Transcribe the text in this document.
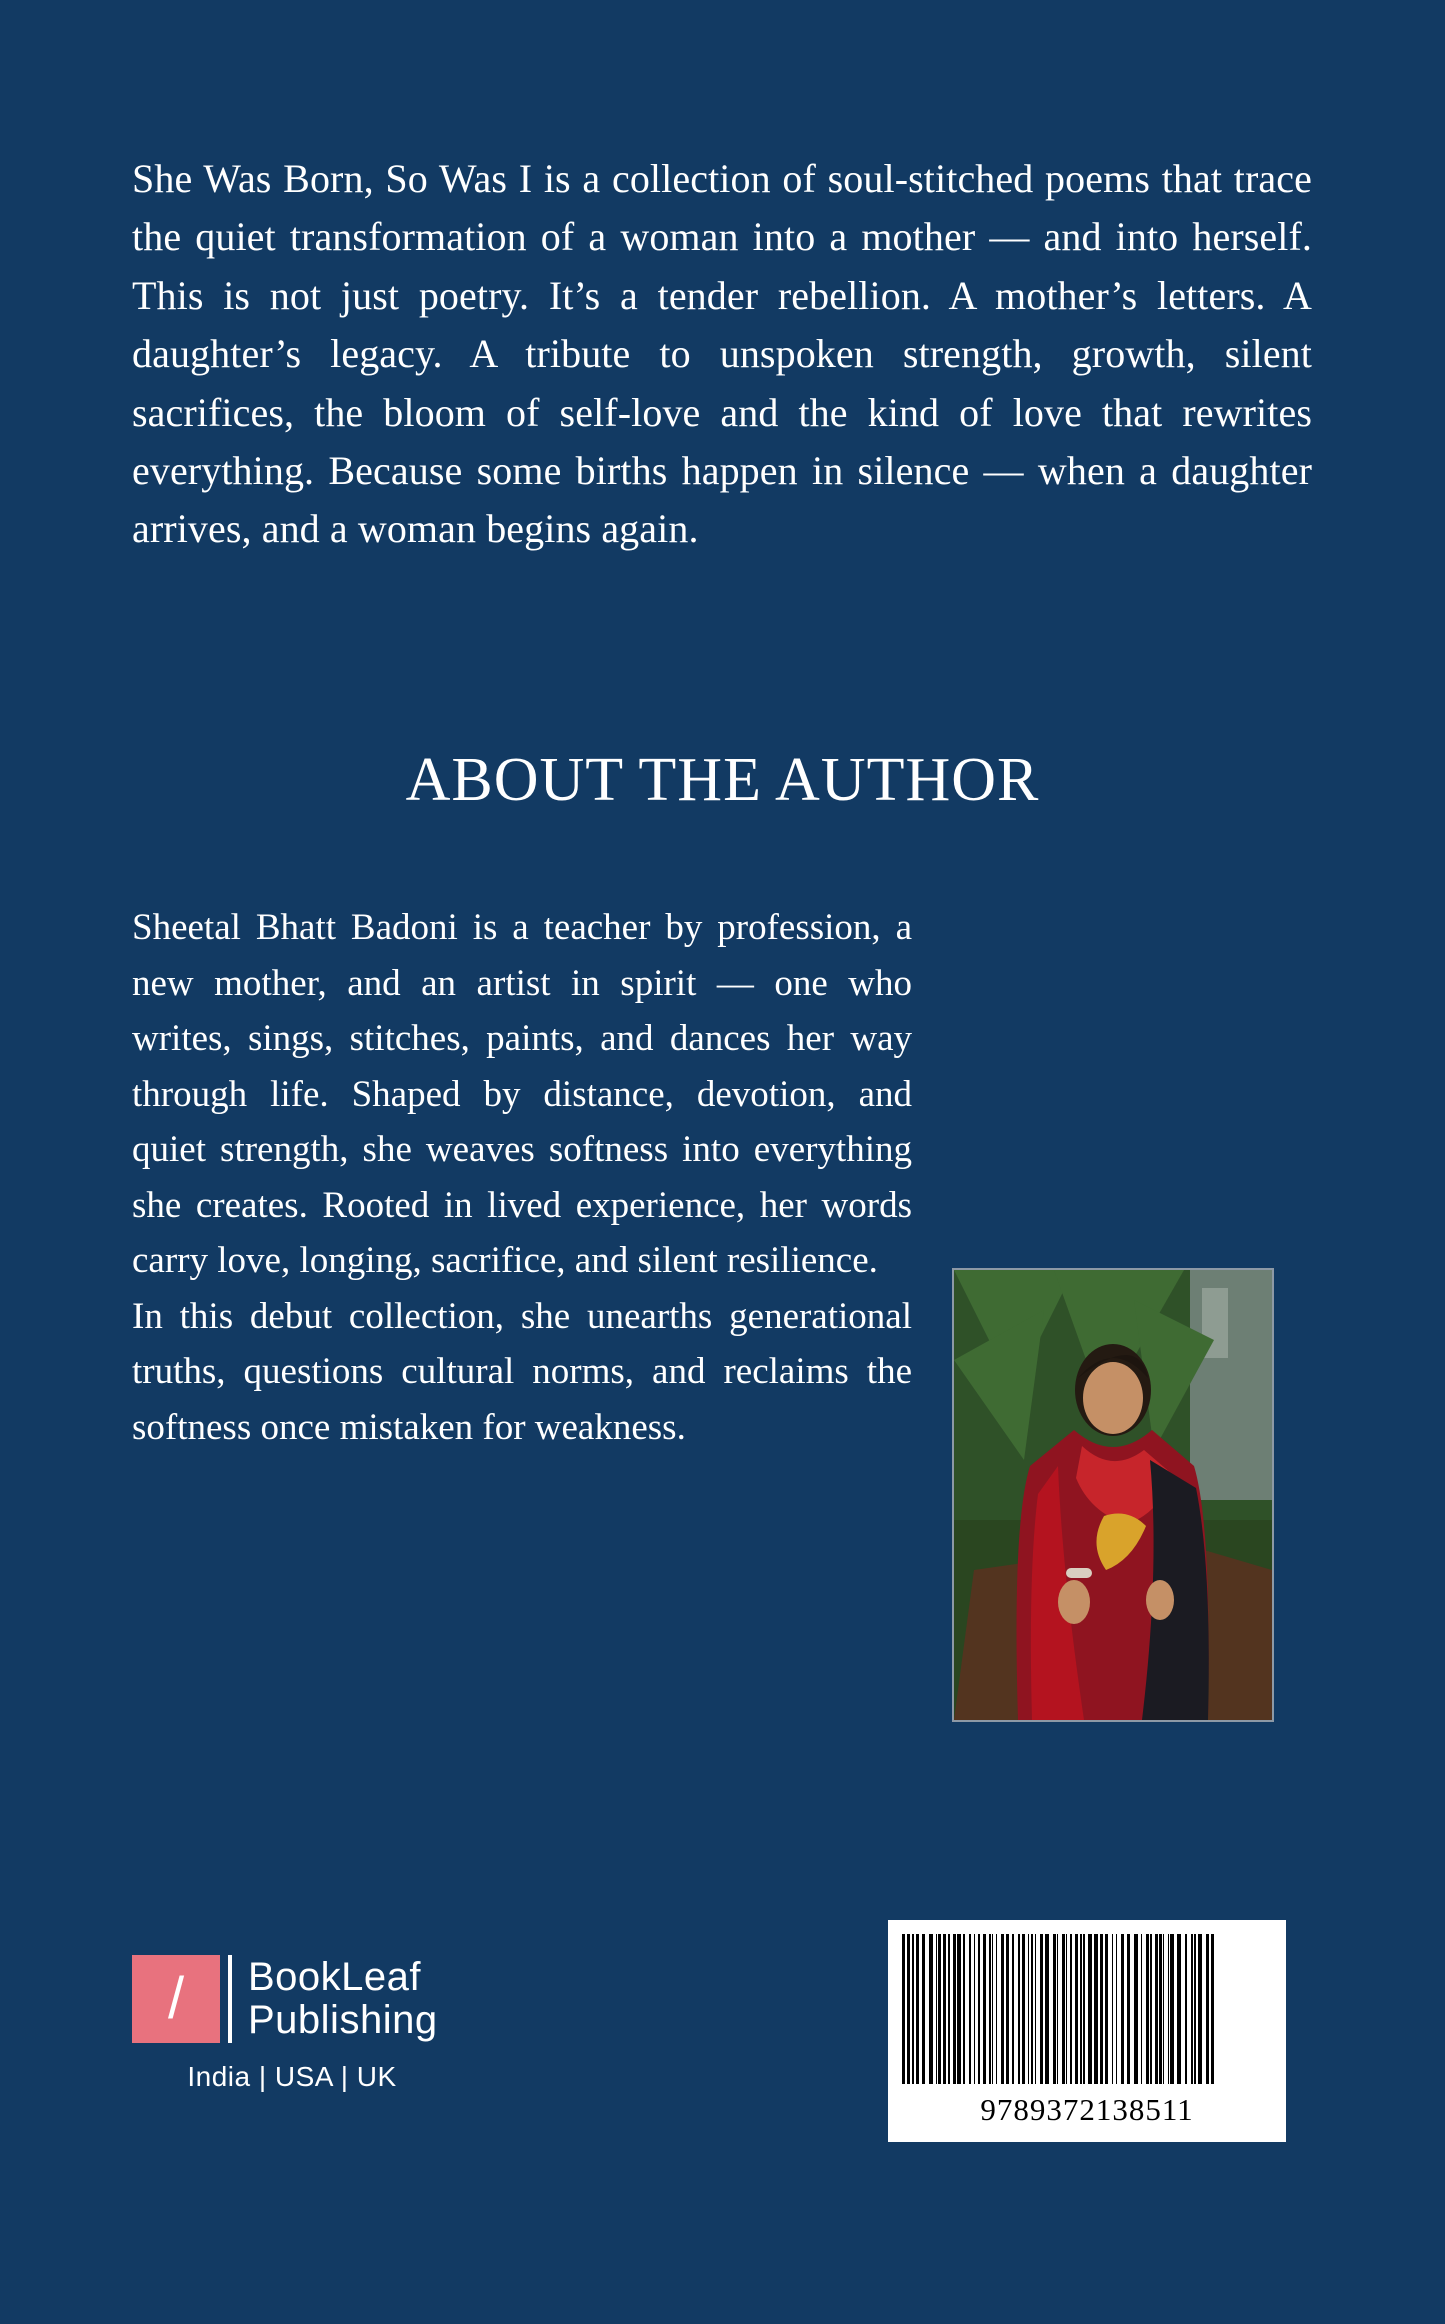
She Was Born, So Was I is a collection of soul-stitched poems that trace the quiet transformation of a woman into a mother — and into herself. This is not just poetry. It’s a tender rebellion. A mother’s letters. A daughter’s legacy. A tribute to unspoken strength, growth, silent sacrifices, the bloom of self-love and the kind of love that rewrites everything. Because some births happen in silence — when a daughter arrives, and a woman begins again.
ABOUT THE AUTHOR

Sheetal Bhatt Badoni is a teacher by profession, a new mother, and an artist in spirit — one who writes, sings, stitches, paints, and dances her way through life. Shaped by distance, devotion, and quiet strength, she weaves softness into everything she creates. Rooted in lived experience, her words carry love, longing, sacrifice, and silent resilience.

In this debut collection, she unearths generational truths, questions cultural norms, and reclaims the softness once mistaken for weakness.

/ BookLeaf
Publishing
India | USA | UK
9789372138511
